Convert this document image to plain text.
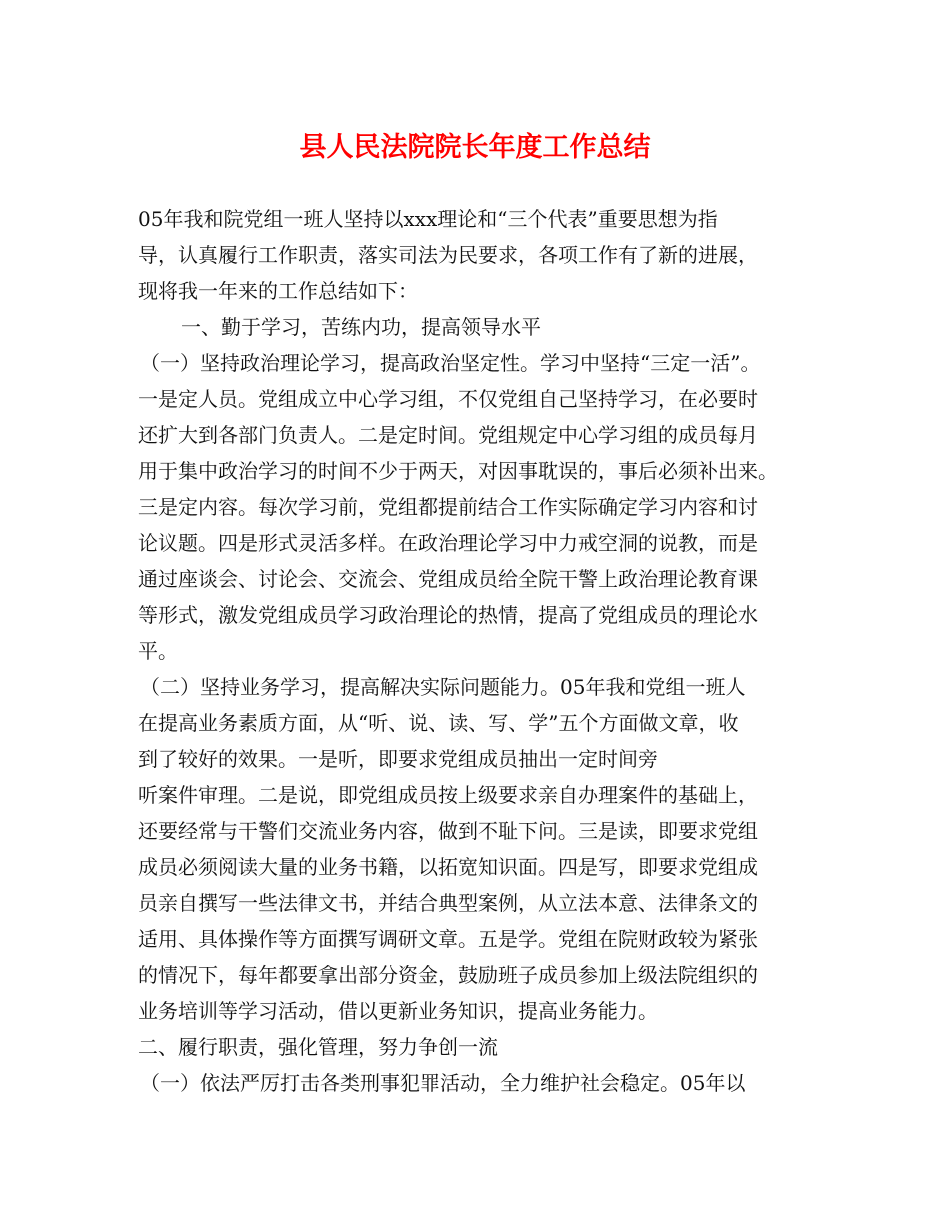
县人民法院院长年度工作总结
05年我和院党组一班人坚持以xxx理论和“三个代表”重要思想为指
导，认真履行工作职责，落实司法为民要求，各项工作有了新的进展，
现将我一年来的工作总结如下：
一、勤于学习，苦练内功，提高领导水平
（一）坚持政治理论学习，提高政治坚定性。学习中坚持“三定一活”。
一是定人员。党组成立中心学习组，不仅党组自己坚持学习，在必要时
还扩大到各部门负责人。二是定时间。党组规定中心学习组的成员每月
用于集中政治学习的时间不少于两天，对因事耽误的，事后必须补出来。
三是定内容。每次学习前，党组都提前结合工作实际确定学习内容和讨
论议题。四是形式灵活多样。在政治理论学习中力戒空洞的说教，而是
通过座谈会、讨论会、交流会、党组成员给全院干警上政治理论教育课
等形式，激发党组成员学习政治理论的热情，提高了党组成员的理论水
平。
（二）坚持业务学习，提高解决实际问题能力。05年我和党组一班人
在提高业务素质方面，从“听、说、读、写、学”五个方面做文章，收
到了较好的效果。一是听，即要求党组成员抽出一定时间旁
听案件审理。二是说，即党组成员按上级要求亲自办理案件的基础上，
还要经常与干警们交流业务内容，做到不耻下问。三是读，即要求党组
成员必须阅读大量的业务书籍，以拓宽知识面。四是写，即要求党组成
员亲自撰写一些法律文书，并结合典型案例，从立法本意、法律条文的
适用、具体操作等方面撰写调研文章。五是学。党组在院财政较为紧张
的情况下，每年都要拿出部分资金，鼓励班子成员参加上级法院组织的
业务培训等学习活动，借以更新业务知识，提高业务能力。
二、履行职责，强化管理，努力争创一流
（一）依法严厉打击各类刑事犯罪活动，全力维护社会稳定。05年以
